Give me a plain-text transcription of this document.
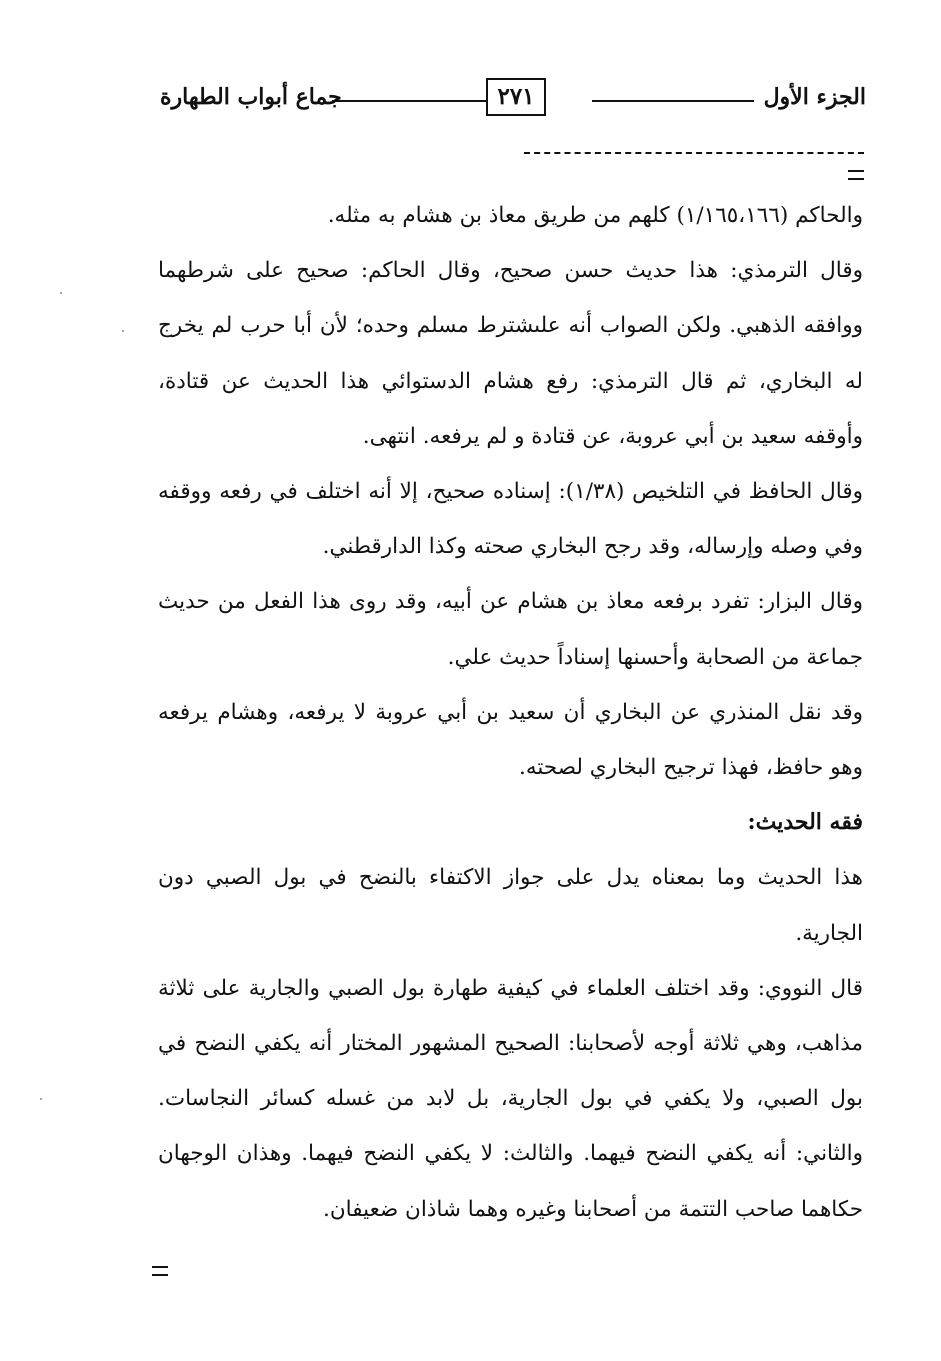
الجزء الأول
٢٧١
جماع أبواب الطهارة

والحاكم (١/١٦٥،١٦٦) كلهم من طريق معاذ بن هشام به مثله.

وقال الترمذي: هذا حديث حسن صحيح، وقال الحاكم: صحيح على شرطهما ووافقه الذهبي. ولكن الصواب أنه علىشترط مسلم وحده؛ لأن أبا حرب لم يخرج له البخاري، ثم قال الترمذي: رفع هشام الدستوائي هذا الحديث عن قتادة، وأوقفه سعيد بن أبي عروبة، عن قتادة و لم يرفعه. انتهى.

وقال الحافظ في التلخيص (١/٣٨): إسناده صحيح، إلا أنه اختلف في رفعه ووقفه وفي وصله وإرساله، وقد رجح البخاري صحته وكذا الدارقطني.

وقال البزار: تفرد برفعه معاذ بن هشام عن أبيه، وقد روى هذا الفعل من حديث جماعة من الصحابة وأحسنها إسناداً حديث علي.

وقد نقل المنذري عن البخاري أن سعيد بن أبي عروبة لا يرفعه، وهشام يرفعه وهو حافظ، فهذا ترجيح البخاري لصحته.

فقه الحديث:

هذا الحديث وما بمعناه يدل على جواز الاكتفاء بالنضح في بول الصبي دون الجارية.

قال النووي: وقد اختلف العلماء في كيفية طهارة بول الصبي والجارية على ثلاثة مذاهب، وهي ثلاثة أوجه لأصحابنا: الصحيح المشهور المختار أنه يكفي النضح في بول الصبي، ولا يكفي في بول الجارية، بل لابد من غسله كسائر النجاسات. والثاني: أنه يكفي النضح فيهما. والثالث: لا يكفي النضح فيهما. وهذان الوجهان حكاهما صاحب التتمة من أصحابنا وغيره وهما شاذان ضعيفان.
